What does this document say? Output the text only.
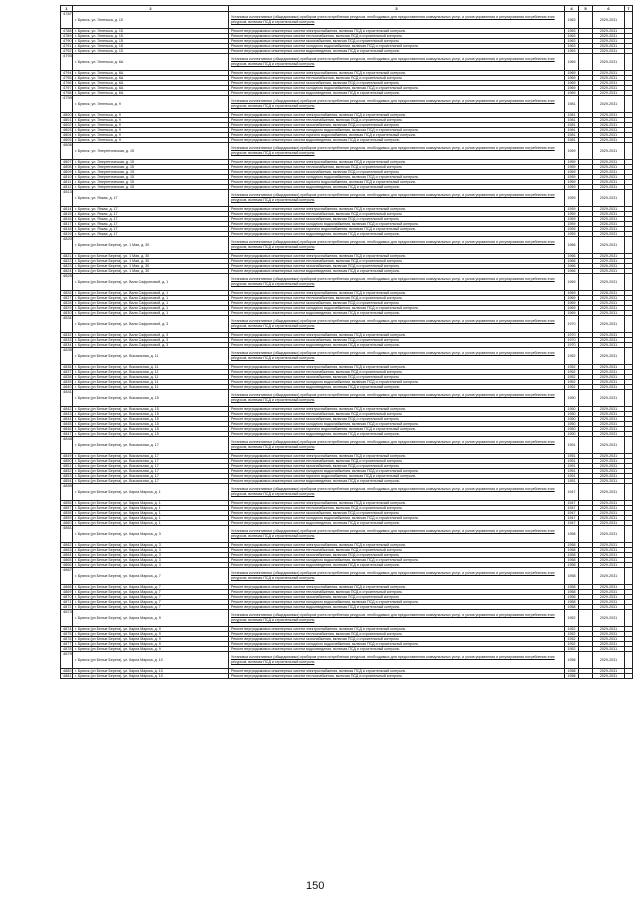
1	2	3	4	5	6	7
4787	г. Брянск, ул. Энгельса, д. 15	Установка коллективных (общедомовых) приборов учета потребления ресурсов, необходимых для предоставления коммунальных услуг, и узлов управления и регулирования потребления этих ресурсов, включая ПСД и строительный контроль	1963		2029-2031	
4788	г. Брянск, ул. Энгельса, д. 15	Ремонт внутридомовых инженерных систем электроснабжения, включая ПСД и строительный контроль	1963		2029-2031	
4789	г. Брянск, ул. Энгельса, д. 15	Ремонт внутридомовых инженерных систем теплоснабжения, включая ПСД и строительный контроль	1963		2029-2031	
4790	г. Брянск, ул. Энгельса, д. 15	Ремонт внутридомовых инженерных систем газоснабжения, включая ПСД и строительный контроль	1963		2029-2031	
4791	г. Брянск, ул. Энгельса, д. 15	Ремонт внутридомовых инженерных систем холодного водоснабжения, включая ПСД и строительный контроль	1963		2029-2031	
4792	г. Брянск, ул. Энгельса, д. 15	Ремонт внутридомовых инженерных систем водоотведения, включая ПСД и строительный контроль	1963		2029-2031	
4793	г. Брянск, ул. Энгельса, д. 6А	Установка коллективных (общедомовых) приборов учета потребления ресурсов, необходимых для предоставления коммунальных услуг, и узлов управления и регулирования потребления этих ресурсов, включая ПСД и строительный контроль	1969		2029-2031	
4794	г. Брянск, ул. Энгельса, д. 6А	Ремонт внутридомовых инженерных систем электроснабжения, включая ПСД и строительный контроль	1969		2029-2031	
4795	г. Брянск, ул. Энгельса, д. 6А	Ремонт внутридомовых инженерных систем теплоснабжения, включая ПСД и строительный контроль	1969		2029-2031	
4796	г. Брянск, ул. Энгельса, д. 6А	Ремонт внутридомовых инженерных систем газоснабжения, включая ПСД и строительный контроль	1969		2029-2031	
4797	г. Брянск, ул. Энгельса, д. 6А	Ремонт внутридомовых инженерных систем холодного водоснабжения, включая ПСД и строительный контроль	1969		2029-2031	
4798	г. Брянск, ул. Энгельса, д. 6А	Ремонт внутридомовых инженерных систем водоотведения, включая ПСД и строительный контроль	1969		2029-2031	
4799	г. Брянск, ул. Энгельса, д. 9	Установка коллективных (общедомовых) приборов учета потребления ресурсов, необходимых для предоставления коммунальных услуг, и узлов управления и регулирования потребления этих ресурсов, включая ПСД и строительный контроль	1981		2029-2031	
4800	г. Брянск, ул. Энгельса, д. 9	Ремонт внутридомовых инженерных систем электроснабжения, включая ПСД и строительный контроль	1981		2029-2031	
4801	г. Брянск, ул. Энгельса, д. 9	Ремонт внутридомовых инженерных систем теплоснабжения, включая ПСД и строительный контроль	1981		2029-2031	
4802	г. Брянск, ул. Энгельса, д. 9	Ремонт внутридомовых инженерных систем газоснабжения, включая ПСД и строительный контроль	1981		2026-2031	
4803	г. Брянск, ул. Энгельса, д. 9	Ремонт внутридомовых инженерных систем холодного водоснабжения, включая ПСД и строительный контроль	1981		2029-2031	
4804	г. Брянск, ул. Энгельса, д. 9	Ремонт внутридомовых инженерных систем горячего водоснабжения, включая ПСД и строительный контроль	1981		2029-2031	
4805	г. Брянск, ул. Энгельса, д. 9	Ремонт внутридомовых инженерных систем водоотведения, включая ПСД и строительный контроль	1981		2029-2031	
4806	г. Брянск, ул. Энергетическая, д. 15	Установка коллективных (общедомовых) приборов учета потребления ресурсов, необходимых для предоставления коммунальных услуг, и узлов управления и регулирования потребления этих ресурсов, включая ПСД и строительный контроль	1959		2029-2031	
4807	г. Брянск, ул. Энергетическая, д. 15	Ремонт внутридомовых инженерных систем электроснабжения, включая ПСД и строительный контроль	1959		2029-2031	
4808	г. Брянск, ул. Энергетическая, д. 15	Ремонт внутридомовых инженерных систем теплоснабжения, включая ПСД и строительный контроль	1959		2029-2031	
4809	г. Брянск, ул. Энергетическая, д. 15	Ремонт внутридомовых инженерных систем газоснабжения, включая ПСД и строительный контроль	1959		2029-2031	
4810	г. Брянск, ул. Энергетическая, д. 15	Ремонт внутридомовых инженерных систем холодного водоснабжения, включая ПСД и строительный контроль	1959		2029-2031	
4811	г. Брянск, ул. Энергетическая, д. 15	Ремонт внутридомовых инженерных систем горячего водоснабжения, включая ПСД и строительный контроль	1959		2029-2031	
4812	г. Брянск, ул. Энергетическая, д. 15	Ремонт внутридомовых инженерных систем водоотведения, включая ПСД и строительный контроль	1959		2029-2031	
4813	г. Брянск, ул. Янкая, д. 17	Установка коллективных (общедомовых) приборов учета потребления ресурсов, необходимых для предоставления коммунальных услуг, и узлов управления и регулирования потребления этих ресурсов, включая ПСД и строительный контроль	1959		2029-2031	
4814	г. Брянск, ул. Янкая, д. 17	Ремонт внутридомовых инженерных систем электроснабжения, включая ПСД и строительный контроль	1959		2029-2031	
4815	г. Брянск, ул. Янкая, д. 17	Ремонт внутридомовых инженерных систем теплоснабжения, включая ПСД и строительный контроль	1959		2029-2031	
4816	г. Брянск, ул. Янкая, д. 17	Ремонт внутридомовых инженерных систем газоснабжения, включая ПСД и строительный контроль	1959		2029-2031	
4817	г. Брянск, ул. Янкая, д. 17	Ремонт внутридомовых инженерных систем холодного водоснабжения, включая ПСД и строительный контроль	1959		2026-2031	
4818	г. Брянск, ул. Янкая, д. 17	Ремонт внутридомовых инженерных систем горячего водоснабжения, включая ПСД и строительный контроль	1959		2029-2031	
4819	г. Брянск, ул. Янкая, д. 17	Ремонт внутридомовых инженерных систем водоотведения, включая ПСД и строительный контроль	1959		2029-2031	
4820	г. Брянск (рп Белые Берега), ул. 1 Мая, д. 30	Установка коллективных (общедомовых) приборов учета потребления ресурсов, необходимых для предоставления коммунальных услуг, и узлов управления и регулирования потребления этих ресурсов, включая ПСД и строительный контроль	1966		2029-2031	
4821	г. Брянск (рп Белые Берега), ул. 1 Мая, д. 30	Ремонт внутридомовых инженерных систем электроснабжения, включая ПСД и строительный контроль	1966		2029-2031	
4822	г. Брянск (рп Белые Берега), ул. 1 Мая, д. 30	Ремонт внутридомовых инженерных систем теплоснабжения, включая ПСД и строительный контроль	1966		2029-2031	
4823	г. Брянск (рп Белые Берега), ул. 1 Мая, д. 30	Ремонт внутридомовых инженерных систем газоснабжения, включая ПСД и строительный контроль	1966		2026-2031	
4824	г. Брянск (рп Белые Берега), ул. 1 Мая, д. 30	Ремонт внутридомовых инженерных систем водоотведения, включая ПСД и строительный контроль	1966		2029-2031	
4825	г. Брянск (рп Белые Берега), ул. Вали Сафроновой, д. 1	Установка коллективных (общедомовых) приборов учета потребления ресурсов, необходимых для предоставления коммунальных услуг, и узлов управления и регулирования потребления этих ресурсов, включая ПСД и строительный контроль	1969		2029-2031	
4826	г. Брянск (рп Белые Берега), ул. Вали Сафроновой, д. 1	Ремонт внутридомовых инженерных систем электроснабжения, включая ПСД и строительный контроль	1969		2028-2031	
4827	г. Брянск (рп Белые Берега), ул. Вали Сафроновой, д. 1	Ремонт внутридомовых инженерных систем теплоснабжения, включая ПСД и строительный контроль	1969		2029-2031	
4828	г. Брянск (рп Белые Берега), ул. Вали Сафроновой, д. 1	Ремонт внутридомовых инженерных систем газоснабжения, включая ПСД и строительный контроль	1969		2029-2031	
4829	г. Брянск (рп Белые Берега), ул. Вали Сафроновой, д. 1	Ремонт внутридомовых инженерных систем холодного водоснабжения, включая ПСД и строительный контроль	1969		2029-2031	
4830	г. Брянск (рп Белые Берега), ул. Вали Сафроновой, д. 1	Ремонт внутридомовых инженерных систем водоотведения, включая ПСД и строительный контроль	1969		2029-2031	
4831	г. Брянск (рп Белые Берега), ул. Вали Сафроновой, д. 3	Установка коллективных (общедомовых) приборов учета потребления ресурсов, необходимых для предоставления коммунальных услуг, и узлов управления и регулирования потребления этих ресурсов, включая ПСД и строительный контроль	1970		2029-2031	
4832	г. Брянск (рп Белые Берега), ул. Вали Сафроновой, д. 3	Ремонт внутридомовых инженерных систем электроснабжения, включая ПСД и строительный контроль	1970		2029-2031	
4833	г. Брянск (рп Белые Берега), ул. Вали Сафроновой, д. 3	Ремонт внутридомовых инженерных систем газоснабжения, включая ПСД и строительный контроль	1970		2029-2031	
4834	г. Брянск (рп Белые Берега), ул. Вали Сафроновой, д. 3	Ремонт внутридомовых инженерных систем водоотведения, включая ПСД и строительный контроль	1970		2029-2031	
4835	г. Брянск (рп Белые Берега), ул. Вокзальная, д. 11	Установка коллективных (общедомовых) приборов учета потребления ресурсов, необходимых для предоставления коммунальных услуг, и узлов управления и регулирования потребления этих ресурсов, включая ПСД и строительный контроль	1952		2029-2031	
4836	г. Брянск (рп Белые Берега), ул. Вокзальная, д. 11	Ремонт внутридомовых инженерных систем электроснабжения, включая ПСД и строительный контроль	1952		2029-2031	
4837	г. Брянск (рп Белые Берега), ул. Вокзальная, д. 11	Ремонт внутридомовых инженерных систем теплоснабжения, включая ПСД и строительный контроль	1952		2029-2031	
4838	г. Брянск (рп Белые Берега), ул. Вокзальная, д. 11	Ремонт внутридомовых инженерных систем газоснабжения, включая ПСД и строительный контроль	1952		2029-2031	
4839	г. Брянск (рп Белые Берега), ул. Вокзальная, д. 11	Ремонт внутридомовых инженерных систем холодного водоснабжения, включая ПСД и строительный контроль	1952		2029-2031	
4840	г. Брянск (рп Белые Берега), ул. Вокзальная, д. 11	Ремонт внутридомовых инженерных систем водоотведения, включая ПСД и строительный контроль	1952		2029-2031	
4841	г. Брянск (рп Белые Берега), ул. Вокзальная, д. 15	Установка коллективных (общедомовых) приборов учета потребления ресурсов, необходимых для предоставления коммунальных услуг, и узлов управления и регулирования потребления этих ресурсов, включая ПСД и строительный контроль	1950		2029-2031	
4842	г. Брянск (рп Белые Берега), ул. Вокзальная, д. 15	Ремонт внутридомовых инженерных систем электроснабжения, включая ПСД и строительный контроль	1950		2029-2031	
4843	г. Брянск (рп Белые Берега), ул. Вокзальная, д. 15	Ремонт внутридомовых инженерных систем теплоснабжения, включая ПСД и строительный контроль	1950		2029-2031	
4844	г. Брянск (рп Белые Берега), ул. Вокзальная, д. 15	Ремонт внутридомовых инженерных систем газоснабжения, включая ПСД и строительный контроль	1950		2029-2031	
4845	г. Брянск (рп Белые Берега), ул. Вокзальная, д. 15	Ремонт внутридомовых инженерных систем холодного водоснабжения, включая ПСД и строительный контроль	1950		2029-2031	
4846	г. Брянск (рп Белые Берега), ул. Вокзальная, д. 15	Ремонт внутридомовых инженерных систем горячего водоснабжения, включая ПСД и строительный контроль	1950		2029-2031	
4847	г. Брянск (рп Белые Берега), ул. Вокзальная, д. 15	Ремонт внутридомовых инженерных систем водоотведения, включая ПСД и строительный контроль	1950		2029-2031	
4848	г. Брянск (рп Белые Берега), ул. Вокзальная, д. 17	Установка коллективных (общедомовых) приборов учета потребления ресурсов, необходимых для предоставления коммунальных услуг, и узлов управления и регулирования потребления этих ресурсов, включая ПСД и строительный контроль	1951		2029-2031	
4849	г. Брянск (рп Белые Берега), ул. Вокзальная, д. 17	Ремонт внутридомовых инженерных систем электроснабжения, включая ПСД и строительный контроль	1951		2029-2031	
4850	г. Брянск (рп Белые Берега), ул. Вокзальная, д. 17	Ремонт внутридомовых инженерных систем теплоснабжения, включая ПСД и строительный контроль	1951		2029-2031	
4851	г. Брянск (рп Белые Берега), ул. Вокзальная, д. 17	Ремонт внутридомовых инженерных систем газоснабжения, включая ПСД и строительный контроль	1951		2029-2031	
4852	г. Брянск (рп Белые Берега), ул. Вокзальная, д. 17	Ремонт внутридомовых инженерных систем холодного водоснабжения, включая ПСД и строительный контроль	1951		2029-2031	
4853	г. Брянск (рп Белые Берега), ул. Вокзальная, д. 17	Ремонт внутридомовых инженерных систем горячего водоснабжения, включая ПСД и строительный контроль	1951		2029-2031	
4854	г. Брянск (рп Белые Берега), ул. Вокзальная, д. 17	Ремонт внутридомовых инженерных систем водоотведения, включая ПСД и строительный контроль	1951		2029-2031	
4855	г. Брянск (рп Белые Берега), ул. Карла Маркса, д. 1	Установка коллективных (общедомовых) приборов учета потребления ресурсов, необходимых для предоставления коммунальных услуг, и узлов управления и регулирования потребления этих ресурсов, включая ПСД и строительный контроль	1947		2029-2031	
4856	г. Брянск (рп Белые Берега), ул. Карла Маркса, д. 1	Ремонт внутридомовых инженерных систем электроснабжения, включая ПСД и строительный контроль	1947		2029-2031	
4857	г. Брянск (рп Белые Берега), ул. Карла Маркса, д. 1	Ремонт внутридомовых инженерных систем теплоснабжения, включая ПСД и строительный контроль	1947		2029-2031	
4858	г. Брянск (рп Белые Берега), ул. Карла Маркса, д. 1	Ремонт внутридомовых инженерных систем газоснабжения, включая ПСД и строительный контроль	1947		2029-2031	
4859	г. Брянск (рп Белые Берега), ул. Карла Маркса, д. 1	Ремонт внутридомовых инженерных систем холодного водоснабжения, включая ПСД и строительный контроль	1947		2029-2031	
4860	г. Брянск (рп Белые Берега), ул. Карла Маркса, д. 1	Ремонт внутридомовых инженерных систем водоотведения, включая ПСД и строительный контроль	1947		2029-2031	
4861	г. Брянск (рп Белые Берега), ул. Карла Маркса, д. 3	Установка коллективных (общедомовых) приборов учета потребления ресурсов, необходимых для предоставления коммунальных услуг, и узлов управления и регулирования потребления этих ресурсов, включая ПСД и строительный контроль	1958		2029-2031	
4862	г. Брянск (рп Белые Берега), ул. Карла Маркса, д. 3	Ремонт внутридомовых инженерных систем электроснабжения, включая ПСД и строительный контроль	1958		2029-2031	
4863	г. Брянск (рп Белые Берега), ул. Карла Маркса, д. 3	Ремонт внутридомовых инженерных систем теплоснабжения, включая ПСД и строительный контроль	1958		2029-2031	
4864	г. Брянск (рп Белые Берега), ул. Карла Маркса, д. 3	Ремонт внутридомовых инженерных систем газоснабжения, включая ПСД и строительный контроль	1958		2029-2031	
4865	г. Брянск (рп Белые Берега), ул. Карла Маркса, д. 3	Ремонт внутридомовых инженерных систем холодного водоснабжения, включая ПСД и строительный контроль	1958		2029-2031	
4866	г. Брянск (рп Белые Берега), ул. Карла Маркса, д. 3	Ремонт внутридомовых инженерных систем водоотведения, включая ПСД и строительный контроль	1958		2029-2031	
4867	г. Брянск (рп Белые Берега), ул. Карла Маркса, д. 7	Установка коллективных (общедомовых) приборов учета потребления ресурсов, необходимых для предоставления коммунальных услуг, и узлов управления и регулирования потребления этих ресурсов, включая ПСД и строительный контроль	1958		2029-2031	
4868	г. Брянск (рп Белые Берега), ул. Карла Маркса, д. 7	Ремонт внутридомовых инженерных систем электроснабжения, включая ПСД и строительный контроль	1958		2029-2031	
4869	г. Брянск (рп Белые Берега), ул. Карла Маркса, д. 7	Ремонт внутридомовых инженерных систем теплоснабжения, включая ПСД и строительный контроль	1958		2029-2031	
4870	г. Брянск (рп Белые Берега), ул. Карла Маркса, д. 7	Ремонт внутридомовых инженерных систем газоснабжения, включая ПСД и строительный контроль	1958		2029-2031	
4871	г. Брянск (рп Белые Берега), ул. Карла Маркса, д. 7	Ремонт внутридомовых инженерных систем холодного водоснабжения, включая ПСД и строительный контроль	1958		2029-2031	
4872	г. Брянск (рп Белые Берега), ул. Карла Маркса, д. 7	Ремонт внутридомовых инженерных систем водоотведения, включая ПСД и строительный контроль	1958		2029-2031	
4873	г. Брянск (рп Белые Берега), ул. Карла Маркса, д. 9	Установка коллективных (общедомовых) приборов учета потребления ресурсов, необходимых для предоставления коммунальных услуг, и узлов управления и регулирования потребления этих ресурсов, включая ПСД и строительный контроль	1952		2029-2031	
4874	г. Брянск (рп Белые Берега), ул. Карла Маркса, д. 9	Ремонт внутридомовых инженерных систем электроснабжения, включая ПСД и строительный контроль	1952		2029-2031	
4875	г. Брянск (рп Белые Берега), ул. Карла Маркса, д. 9	Ремонт внутридомовых инженерных систем теплоснабжения, включая ПСД и строительный контроль	1952		2029-2031	
4876	г. Брянск (рп Белые Берега), ул. Карла Маркса, д. 9	Ремонт внутридомовых инженерных систем газоснабжения, включая ПСД и строительный контроль	1952		2029-2031	
4877	г. Брянск (рп Белые Берега), ул. Карла Маркса, д. 9	Ремонт внутридомовых инженерных систем холодного водоснабжения, включая ПСД и строительный контроль	1952		2029-2031	
4878	г. Брянск (рп Белые Берега), ул. Карла Маркса, д. 9	Ремонт внутридомовых инженерных систем водоотведения, включая ПСД и строительный контроль	1952		2029-2031	
4879	г. Брянск (рп Белые Берега), ул. Карла Маркса, д. 10	Установка коллективных (общедомовых) приборов учета потребления ресурсов, необходимых для предоставления коммунальных услуг, и узлов управления и регулирования потребления этих ресурсов, включая ПСД и строительный контроль	1958		2029-2031	
4880	г. Брянск (рп Белые Берега), ул. Карла Маркса, д. 10	Ремонт внутридомовых инженерных систем электроснабжения, включая ПСД и строительный контроль	1958		2029-2031	
4881	г. Брянск (рп Белые Берега), ул. Карла Маркса, д. 10	Ремонт внутридомовых инженерных систем теплоснабжения, включая ПСД и строительный контроль	1958		2029-2031	
150
